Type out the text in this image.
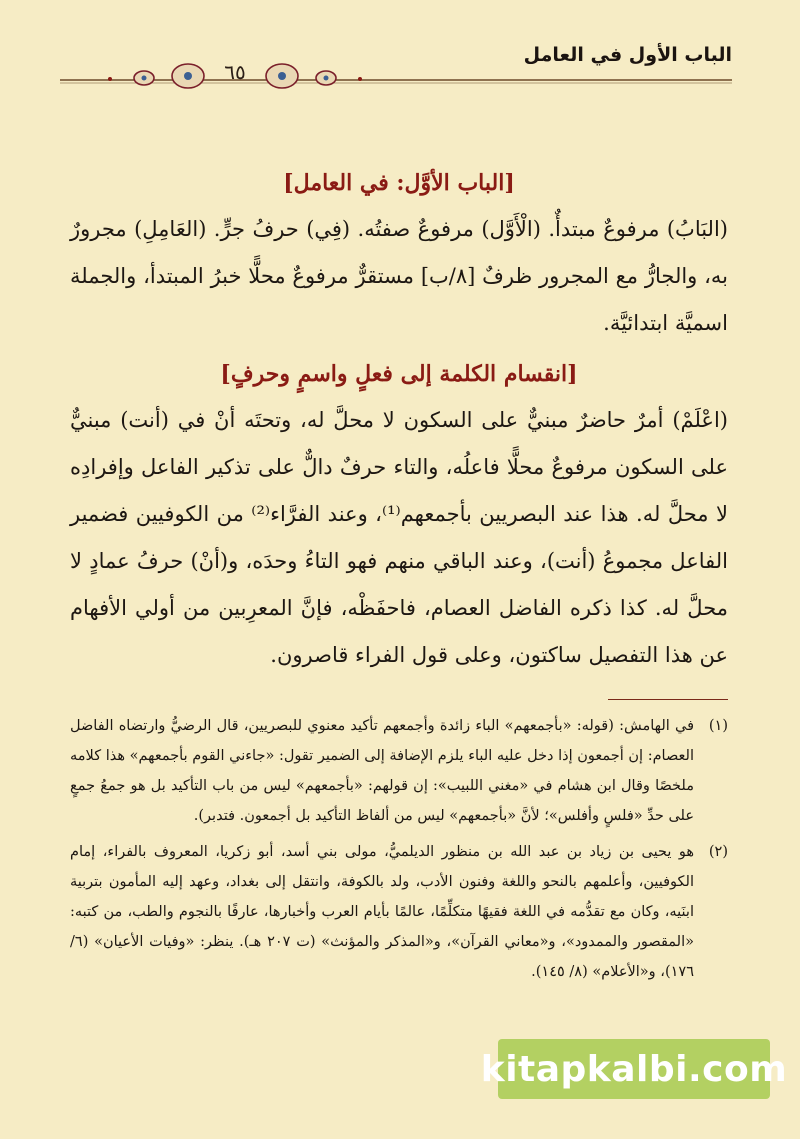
٦٥
الباب الأول في العامل
[الباب الأوَّل: في العامل]

(البَابُ) مرفوعٌ مبتدأٌ. (الْأَوَّل) مرفوعٌ صفتُه. (فِي) حرفُ جرٍّ. (العَامِلِ) مجرورٌ به، والجارُّ مع المجرور ظرفٌ [٨/ب] مستقرٌّ مرفوعٌ محلًّا خبرُ المبتدأ، والجملة اسميَّة ابتدائيَّة.

[انقسام الكلمة إلى فعلٍ واسمٍ وحرفٍ]

(اعْلَمْ) أمرٌ حاضرٌ مبنيٌّ على السكون لا محلَّ له، وتحتَه أنْ في (أنت) مبنيٌّ على السكون مرفوعٌ محلًّا فاعلُه، والتاء حرفٌ دالٌّ على تذكير الفاعل وإفرادِه لا محلَّ له. هذا عند البصريين بأجمعهم⁽¹⁾، وعند الفرَّاء⁽²⁾ من الكوفيين فضمير الفاعل مجموعُ (أنت)، وعند الباقي منهم فهو التاءُ وحدَه، و(أنْ) حرفُ عمادٍ لا محلَّ له. كذا ذكره الفاضل العصام، فاحفَظْه، فإنَّ المعرِبين من أولي الأفهام عن هذا التفصيل ساكتون، وعلى قول الفراء قاصرون.

(١)
في الهامش: (قوله: «بأجمعهم» الباء زائدة وأجمعهم تأكيد معنوي للبصريين، قال الرضيُّ وارتضاه الفاضل العصام: إن أجمعون إذا دخل عليه الباء يلزم الإضافة إلى الضمير تقول: «جاءني القوم بأجمعهم» هذا كلامه ملخصًا وقال ابن هشام في «مغني اللبيب»: إن قولهم: «بأجمعهم» ليس من باب التأكيد بل هو جمعُ جمعٍ على حدِّ «فلسٍ وأفلس»؛ لأنَّ «بأجمعهم» ليس من ألفاظ التأكيد بل أجمعون. فتدبر).
(٢)
هو يحيى بن زياد بن عبد الله بن منظور الديلميُّ، مولى بني أسد، أبو زكريا، المعروف بالفراء، إمام الكوفيين، وأعلمهم بالنحو واللغة وفنون الأدب، ولد بالكوفة، وانتقل إلى بغداد، وعهد إليه المأمون بتربية ابنَيه، وكان مع تقدُّمه في اللغة فقيهًا متكلِّمًا، عالمًا بأيام العرب وأخبارها، عارفًا بالنجوم والطب، من كتبه: «المقصور والممدود»، و«معاني القرآن»، و«المذكر والمؤنث» (ت ٢٠٧ هـ). ينظر: «وفيات الأعيان» (٦/ ١٧٦)، و«الأعلام» (٨/ ١٤٥).
kitapkalbi.com
